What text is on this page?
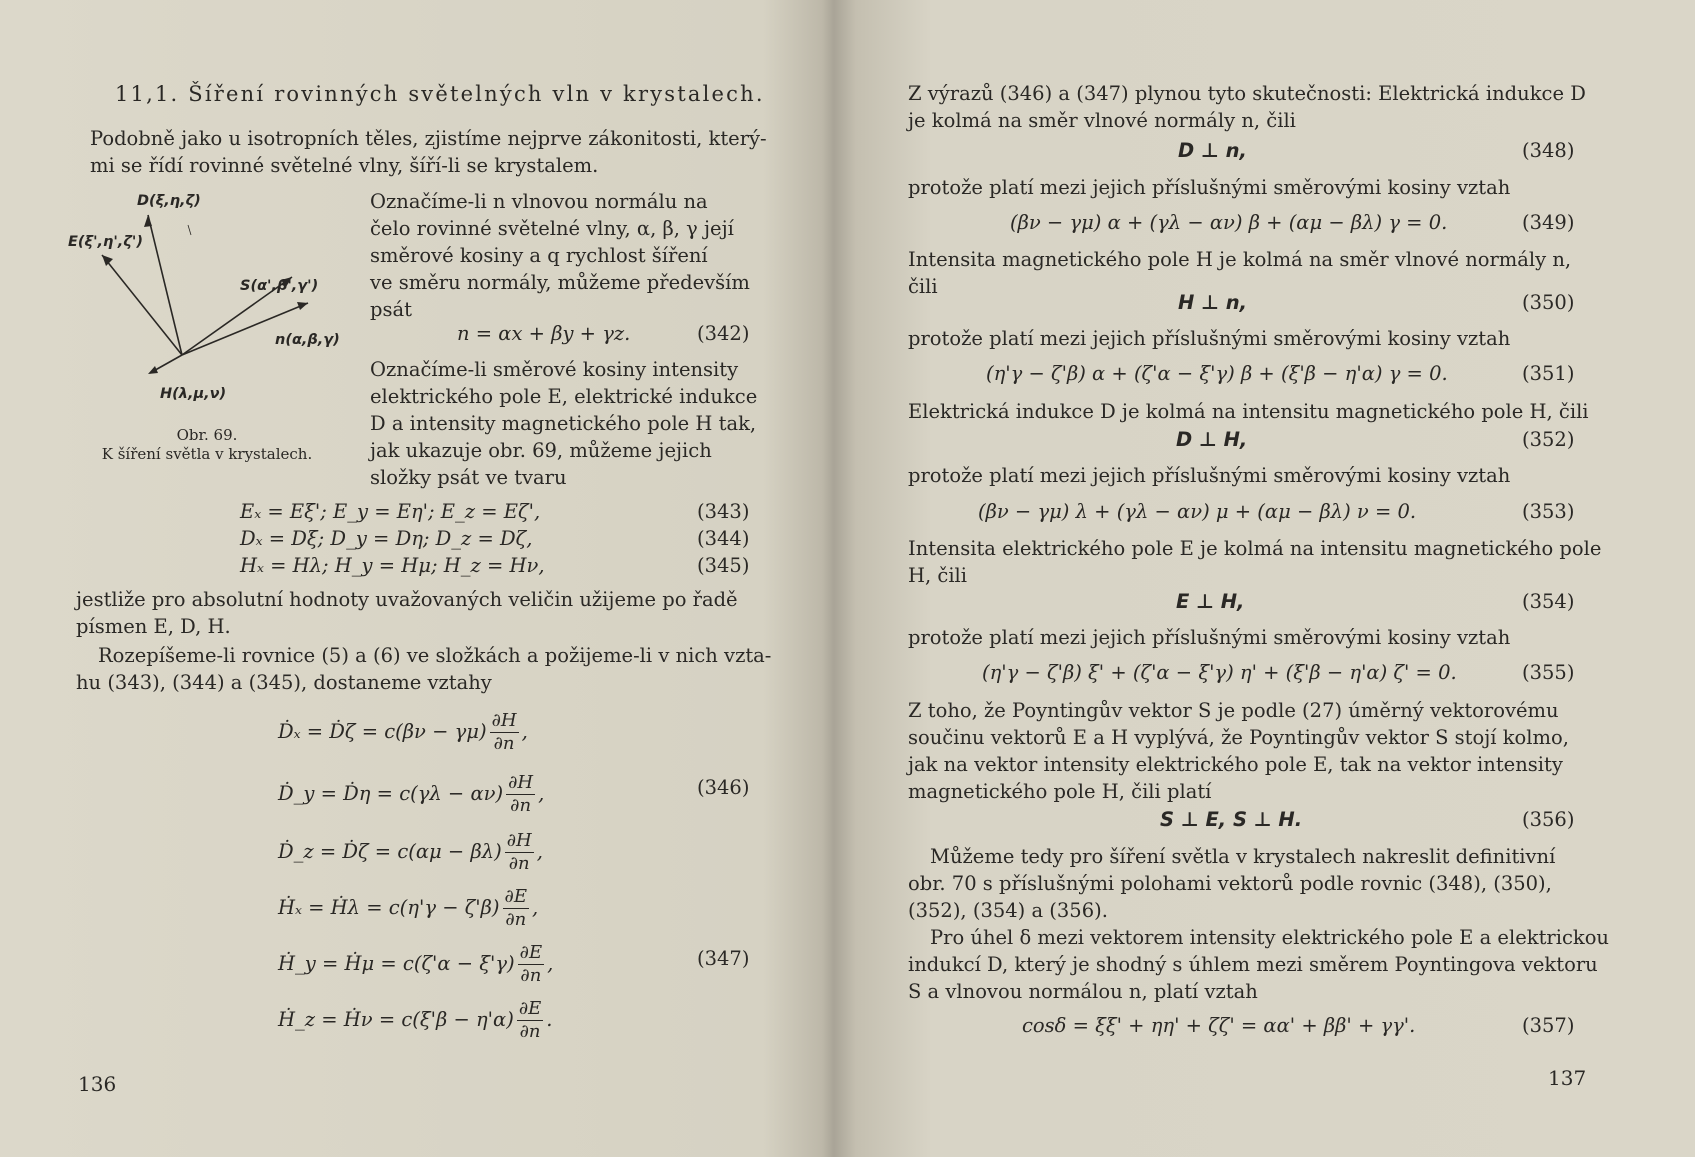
11,1. Šíření rovinných světelných vln v krystalech.
Podobně jako u isotropních těles, zjistíme nejprve zákonitosti, který-
mi se řídí rovinné světelné vlny, šíří-li se krystalem.
D(ξ,η,ζ)
E(ξ',η',ζ')
S(α',β',γ')
n(α,β,γ)
H(λ,μ,ν)
Obr. 69.
K šíření světla v krystalech.
Označíme-li n vlnovou normálu na
čelo rovinné světelné vlny, α, β, γ její
směrové kosiny a q rychlost šíření
ve směru normály, můžeme především
psát
n = αx + βy + γz.	(342)
Označíme-li směrové kosiny intensity
elektrického pole E, elektrické indukce
D a intensity magnetického pole H tak,
jak ukazuje obr. 69, můžeme jejich
složky psát ve tvaru
Eₓ = Eξ'; E_y = Eη'; E_z = Eζ',	(343)
Dₓ = Dξ; D_y = Dη; D_z = Dζ,	(344)
Hₓ = Hλ; H_y = Hμ; H_z = Hν,	(345)
jestliže pro absolutní hodnoty uvažovaných veličin užijeme po řadě
písmen E, D, H.
Rozepíšeme-li rovnice (5) a (6) ve složkách a požijeme-li v nich vzta-
hu (343), (344) a (345), dostaneme vztahy
Ḋₓ = Ḋζ = $c(\beta\nu - \gamma\mu) \frac{\partial H}{\partial n}$ ,
Ḋ_y = Ḋη = $c(\gamma\lambda - \alpha\nu) \frac{\partial H}{\partial n}$ ,	(346)
Ḋ_z = Ḋζ = $c(\alpha\mu - \beta\lambda) \frac{\partial H}{\partial n}$ ,
Ḣₓ = Ḣλ = $c(\eta'\gamma - \zeta'\beta) \frac{\partial E}{\partial n}$ ,
Ḣ_y = Ḣμ = $c(\zeta'\alpha - \xi'\gamma) \frac{\partial E}{\partial n}$ ,	(347)
Ḣ_z = Ḣν = $c(\xi'\beta - \eta'\alpha) \frac{\partial E}{\partial n}$ .
136
Z výrazů (346) a (347) plynou tyto skutečnosti: Elektrická indukce D
je kolmá na směr vlnové normály n, čili
D ⊥ n,	(348)
protože platí mezi jejich příslušnými směrovými kosiny vztah
(βν − γμ) α + (γλ − αν) β + (αμ − βλ) γ = 0.	(349)
Intensita magnetického pole H je kolmá na směr vlnové normály n,
čili
H ⊥ n,	(350)
protože platí mezi jejich příslušnými směrovými kosiny vztah
(η'γ − ζ'β) α + (ζ'α − ξ'γ) β + (ξ'β − η'α) γ = 0.	(351)
Elektrická indukce D je kolmá na intensitu magnetického pole H, čili
D ⊥ H,	(352)
protože platí mezi jejich příslušnými směrovými kosiny vztah
(βν − γμ) λ + (γλ − αν) μ + (αμ − βλ) ν = 0.	(353)
Intensita elektrického pole E je kolmá na intensitu magnetického pole
H, čili
E ⊥ H,	(354)
protože platí mezi jejich příslušnými směrovými kosiny vztah
(η'γ − ζ'β) ξ' + (ζ'α − ξ'γ) η' + (ξ'β − η'α) ζ' = 0.	(355)
Z toho, že Poyntingův vektor S je podle (27) úměrný vektorovému
součinu vektorů E a H vyplývá, že Poyntingův vektor S stojí kolmo,
jak na vektor intensity elektrického pole E, tak na vektor intensity
magnetického pole H, čili platí
S ⊥ E, S ⊥ H.	(356)
Můžeme tedy pro šíření světla v krystalech nakreslit definitivní
obr. 70 s příslušnými polohami vektorů podle rovnic (348), (350),
(352), (354) a (356).
Pro úhel δ mezi vektorem intensity elektrického pole E a elektrickou
indukcí D, který je shodný s úhlem mezi směrem Poyntingova vektoru
S a vlnovou normálou n, platí vztah
cosδ = ξξ' + ηη' + ζζ' = αα' + ββ' + γγ'.	(357)
137
